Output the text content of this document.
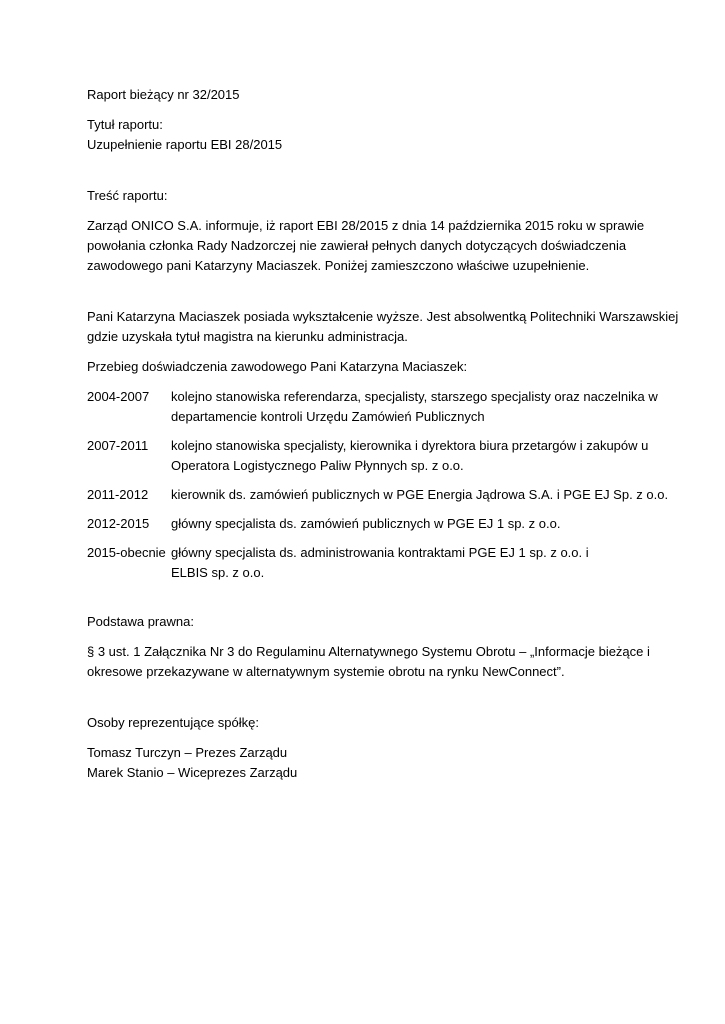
Raport bieżący nr 32/2015

Tytuł raportu:

Uzupełnienie raportu EBI 28/2015

Treść raportu:

Zarząd ONICO S.A. informuje, iż raport EBI 28/2015 z dnia 14 października 2015 roku w sprawie

powołania członka Rady Nadzorczej nie zawierał pełnych danych dotyczących doświadczenia

zawodowego pani Katarzyny Maciaszek. Poniżej zamieszczono właściwe uzupełnienie.

Pani Katarzyna Maciaszek posiada wykształcenie wyższe. Jest absolwentką Politechniki Warszawskiej

gdzie uzyskała tytuł magistra na kierunku administracja.

Przebieg doświadczenia zawodowego Pani Katarzyna Maciaszek:

2004-2007	kolejno stanowiska referendarza, specjalisty, starszego specjalisty oraz naczelnika w

departamencie kontroli Urzędu Zamówień Publicznych

2007-2011	kolejno stanowiska specjalisty, kierownika i dyrektora biura przetargów i zakupów u

Operatora Logistycznego Paliw Płynnych sp. z o.o.

2011-2012	kierownik ds. zamówień publicznych w PGE Energia Jądrowa S.A. i PGE EJ Sp. z o.o.

2012-2015	główny specjalista ds. zamówień publicznych w PGE EJ 1 sp. z o.o.

2015-obecnie główny specjalista ds. administrowania kontraktami PGE EJ 1 sp. z o.o. i

ELBIS sp. z o.o.

Podstawa prawna:

§ 3 ust. 1 Załącznika Nr 3 do Regulaminu Alternatywnego Systemu Obrotu – „Informacje bieżące i

okresowe przekazywane w alternatywnym systemie obrotu na rynku NewConnect”.

Osoby reprezentujące spółkę:

Tomasz Turczyn – Prezes Zarządu

Marek Stanio – Wiceprezes Zarządu
